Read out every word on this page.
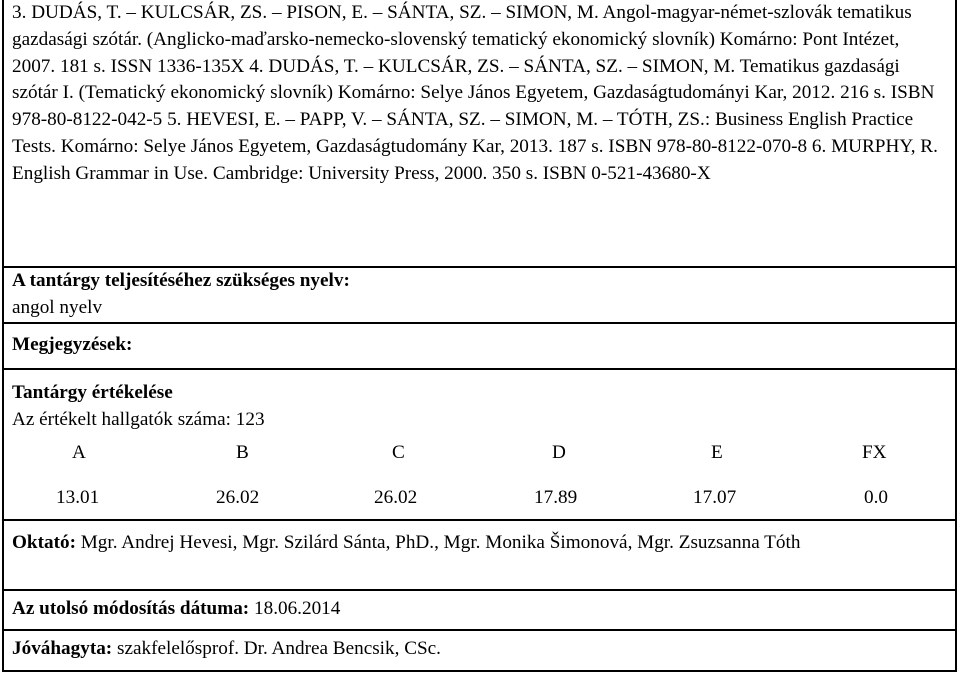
3. DUDÁS, T. – KULCSÁR, ZS. – PISON, E. – SÁNTA, SZ. – SIMON, M. Angol-magyar-német-szlovák tematikus gazdasági szótár. (Anglicko-maďarsko-nemecko-slovenský tematický ekonomický slovník) Komárno: Pont Intézet, 2007. 181 s. ISSN 1336-135X 4. DUDÁS, T. – KULCSÁR, ZS. – SÁNTA, SZ. – SIMON, M. Tematikus gazdasági szótár I. (Tematický ekonomický slovník) Komárno: Selye János Egyetem, Gazdaságtudományi Kar, 2012. 216 s. ISBN 978-80-8122-042-5 5. HEVESI, E. – PAPP, V. – SÁNTA, SZ. – SIMON, M. – TÓTH, ZS.: Business English Practice Tests. Komárno: Selye János Egyetem, Gazdaságtudomány Kar, 2013. 187 s. ISBN 978-80-8122-070-8 6. MURPHY, R. English Grammar in Use. Cambridge: University Press, 2000. 350 s. ISBN 0-521-43680-X
A tantárgy teljesítéséhez szükséges nyelv:
angol nyelv
Megjegyzések:
Tantárgy értékelése
Az értékelt hallgatók száma: 123
A	B	C	D	E	FX
13.01	26.02	26.02	17.89	17.07	0.0
Oktató: Mgr. Andrej Hevesi, Mgr. Szilárd Sánta, PhD., Mgr. Monika Šimonová, Mgr. Zsuzsanna Tóth
Az utolsó módosítás dátuma: 18.06.2014
Jóváhagyta: szakfelelősprof. Dr. Andrea Bencsik, CSc.
